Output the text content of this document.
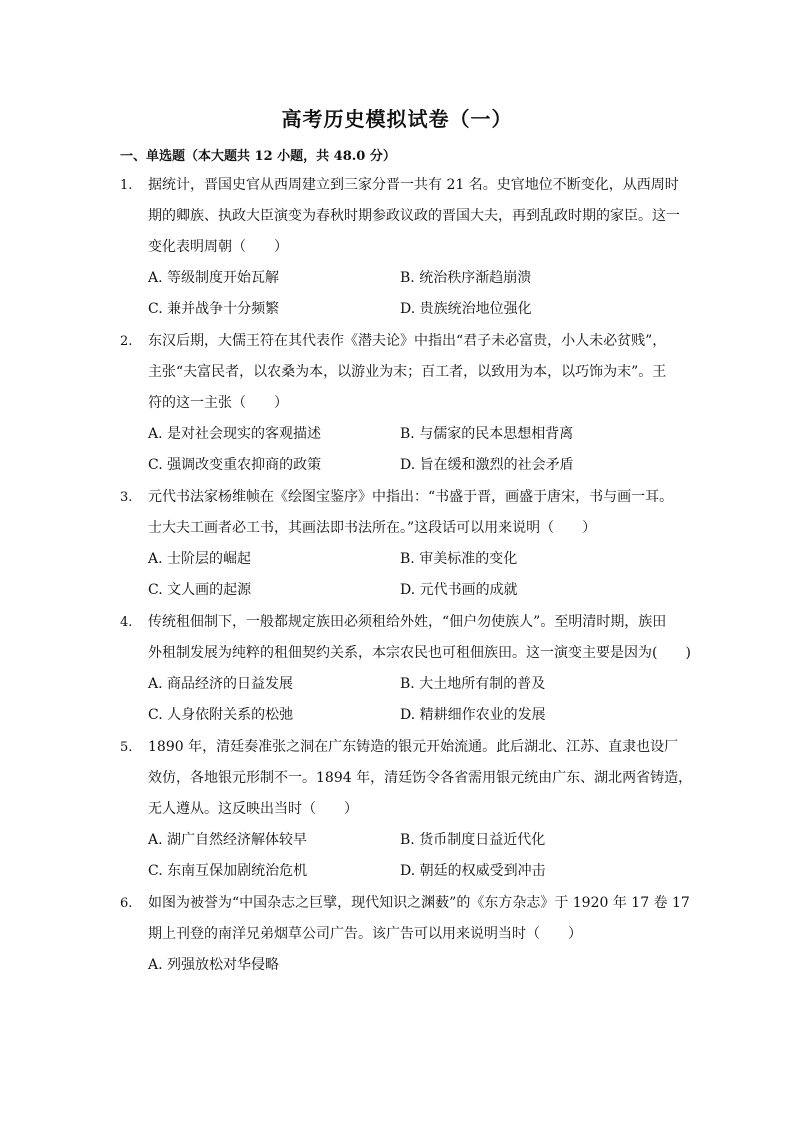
高考历史模拟试卷（一）
一、单选题（本大题共 12 小题，共 48.0 分）
1. 据统计，晋国史官从西周建立到三家分晋一共有 21 名。史官地位不断变化，从西周时
期的卿族、执政大臣演变为春秋时期参政议政的晋国大夫，再到乱政时期的家臣。这一
变化表明周朝（　　）
A. 等级制度开始瓦解	B. 统治秩序渐趋崩溃
C. 兼并战争十分频繁	D. 贵族统治地位强化
2. 东汉后期，大儒王符在其代表作《潜夫论》中指出“君子未必富贵，小人未必贫贱”，
主张“夫富民者，以农桑为本，以游业为末；百工者，以致用为本，以巧饰为末”。王
符的这一主张（　　）
A. 是对社会现实的客观描述	B. 与儒家的民本思想相背离
C. 强调改变重农抑商的政策	D. 旨在缓和激烈的社会矛盾
3. 元代书法家杨维帧在《绘图宝鉴序》中指出：“书盛于晋，画盛于唐宋，书与画一耳。
士大夫工画者必工书，其画法即书法所在。”这段话可以用来说明（　　）
A. 士阶层的崛起	B. 审美标准的变化
C. 文人画的起源	D. 元代书画的成就
4. 传统租佃制下，一般都规定族田必须租给外姓，“佃户勿使族人”。至明清时期，族田
外租制发展为纯粹的租佃契约关系，本宗农民也可租佃族田。这一演变主要是因为(　　)
A. 商品经济的日益发展	B. 大土地所有制的普及
C. 人身依附关系的松弛	D. 精耕细作农业的发展
5. 1890 年，清廷奏准张之洞在广东铸造的银元开始流通。此后湖北、江苏、直隶也设厂
效仿，各地银元形制不一。1894 年，清廷饬令各省需用银元统由广东、湖北两省铸造，
无人遵从。这反映出当时（　　）
A. 湖广自然经济解体较早	B. 货币制度日益近代化
C. 东南互保加剧统治危机	D. 朝廷的权威受到冲击
6. 如图为被誉为“中国杂志之巨擘，现代知识之渊薮”的《东方杂志》于 1920 年 17 卷 17
期上刊登的南洋兄弟烟草公司广告。该广告可以用来说明当时（　　）
A. 列强放松对华侵略
